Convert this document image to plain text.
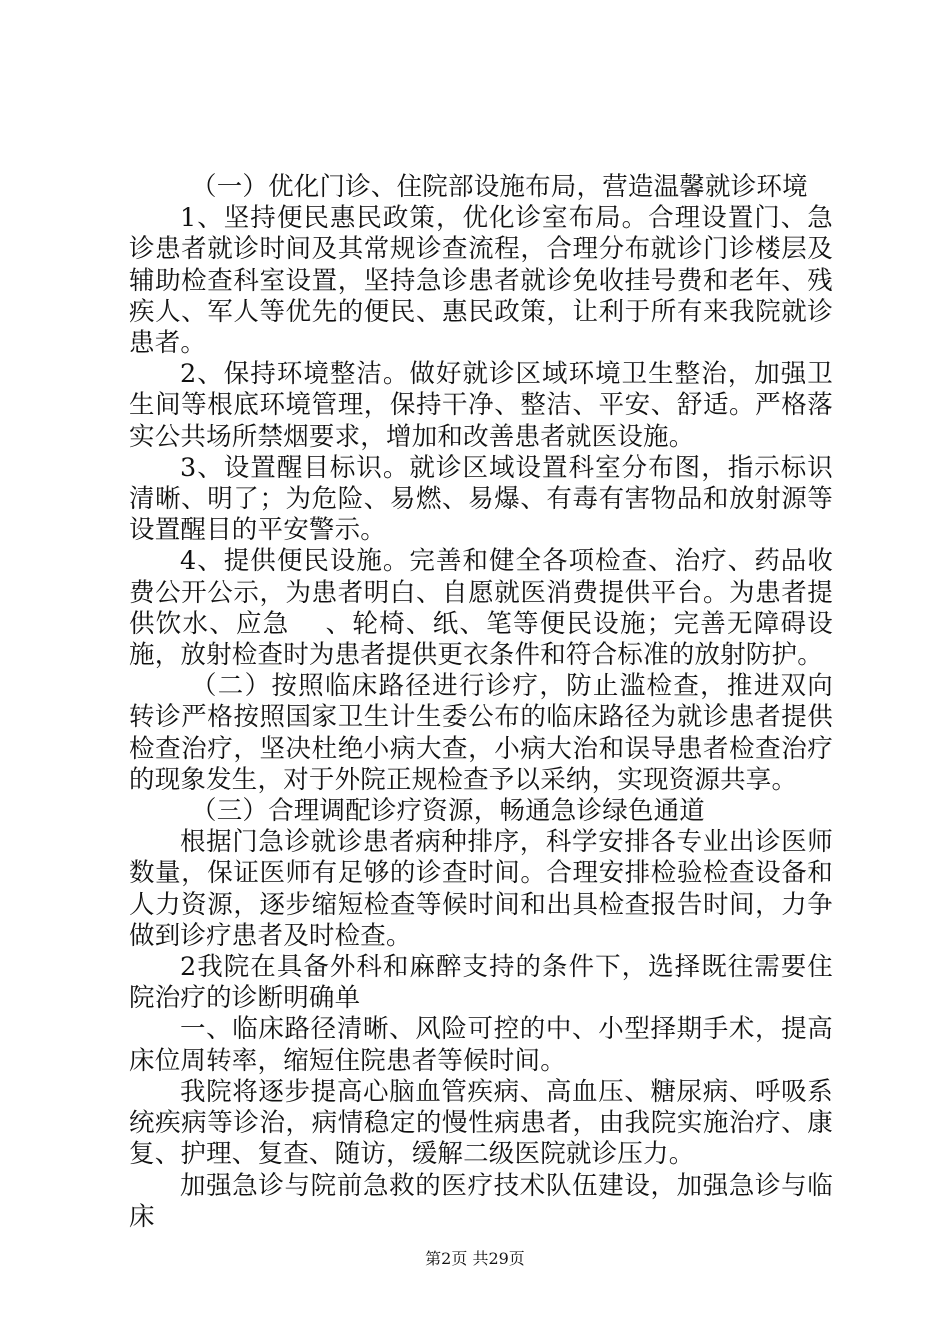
（一）优化门诊、住院部设施布局，营造温馨就诊环境

1、坚持便民惠民政策，优化诊室布局。合理设置门、急诊患者就诊时间及其常规诊查流程，合理分布就诊门诊楼层及辅助检查科室设置，坚持急诊患者就诊免收挂号费和老年、残疾人、军人等优先的便民、惠民政策，让利于所有来我院就诊患者。

2、保持环境整洁。做好就诊区域环境卫生整治，加强卫生间等根底环境管理，保持干净、整洁、平安、舒适。严格落实公共场所禁烟要求，增加和改善患者就医设施。

3、设置醒目标识。就诊区域设置科室分布图，指示标识清晰、明了；为危险、易燃、易爆、有毒有害物品和放射源等设置醒目的平安警示。

4、提供便民设施。完善和健全各项检查、治疗、药品收费公开公示，为患者明白、自愿就医消费提供平台。为患者提供饮水、应急　 、轮椅、纸、笔等便民设施；完善无障碍设施，放射检查时为患者提供更衣条件和符合标准的放射防护。

（二）按照临床路径进行诊疗，防止滥检查，推进双向转诊严格按照国家卫生计生委公布的临床路径为就诊患者提供检查治疗，坚决杜绝小病大查，小病大治和误导患者检查治疗的现象发生，对于外院正规检查予以采纳，实现资源共享。

（三）合理调配诊疗资源，畅通急诊绿色通道

根据门急诊就诊患者病种排序，科学安排各专业出诊医师数量，保证医师有足够的诊查时间。合理安排检验检查设备和人力资源，逐步缩短检查等候时间和出具检查报告时间，力争做到诊疗患者及时检查。

2我院在具备外科和麻醉支持的条件下，选择既往需要住院治疗的诊断明确单

一、临床路径清晰、风险可控的中、小型择期手术，提高床位周转率，缩短住院患者等候时间。

我院将逐步提高心脑血管疾病、高血压、糖尿病、呼吸系统疾病等诊治，病情稳定的慢性病患者，由我院实施治疗、康复、护理、复查、随访，缓解二级医院就诊压力。

加强急诊与院前急救的医疗技术队伍建设，加强急诊与临床

第2页 共29页
